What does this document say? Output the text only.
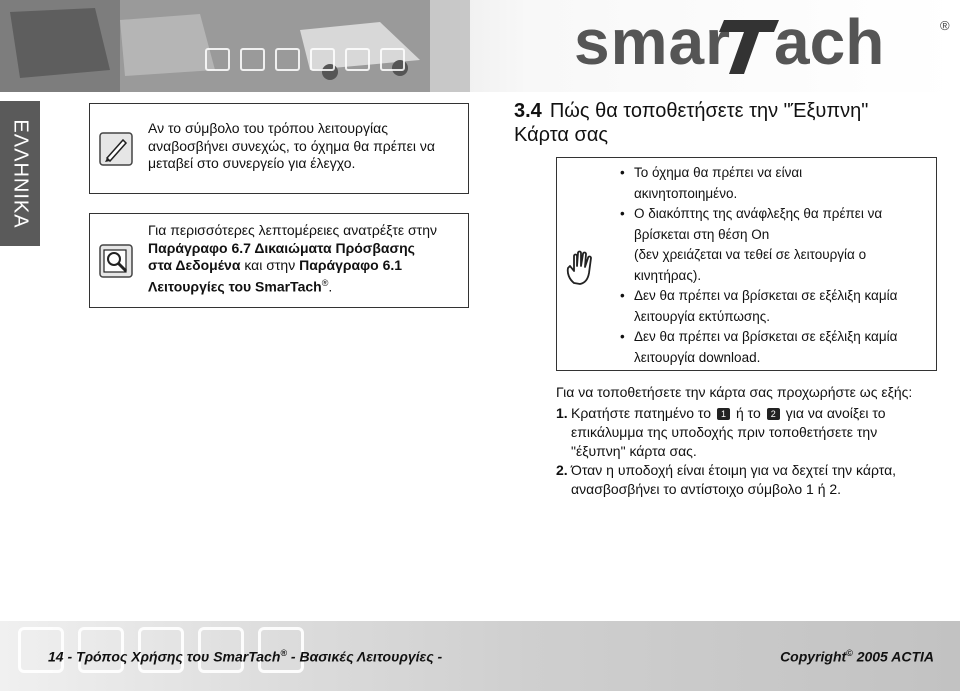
smar ach	®
ΕΛΛΗΝΙΚΑ	Αν το σύμβολο του τρόπου λειτουργίας
αναβοσβήνει συνεχώς, το όχημα θα πρέπει να
μεταβεί στο συνεργείο για έλεγχο.
Για περισσότερες λεπτομέρειες ανατρέξτε στην
Παράγραφο 6.7 Δικαιώματα Πρόσβασης
στα Δεδομένα και στην Παράγραφο 6.1
Λειτουργίες του SmarTach®.
3.4 Πώς θα τοποθετήσετε την "Έξυπνη"
Κάρτα σας
• Το όχημα θα πρέπει να είναι
ακινητοποιημένο.
• Ο διακόπτης της ανάφλεξης θα πρέπει να
βρίσκεται στη θέση On
(δεν χρειάζεται να τεθεί σε λειτουργία ο
κινητήρας).
• Δεν θα πρέπει να βρίσκεται σε εξέλιξη καμία
λειτουργία εκτύπωσης.
• Δεν θα πρέπει να βρίσκεται σε εξέλιξη καμία
λειτουργία download.
Για να τοποθετήσετε την κάρτα σας προχωρήστε ως εξής:
1. Κρατήστε πατημένο το 1 ή το 2 για να ανοίξει το
επικάλυμμα της υποδοχής πριν τοποθετήσετε την
"έξυπνη" κάρτα σας.
2. Όταν η υποδοχή είναι έτοιμη για να δεχτεί την κάρτα,
ανασβοσβήνει το αντίστοιχο σύμβολο 1 ή 2.
14 - Τρόπος Χρήσης του SmarTach® - Βασικές Λειτουργίες -	Copyright© 2005 ACTIA
